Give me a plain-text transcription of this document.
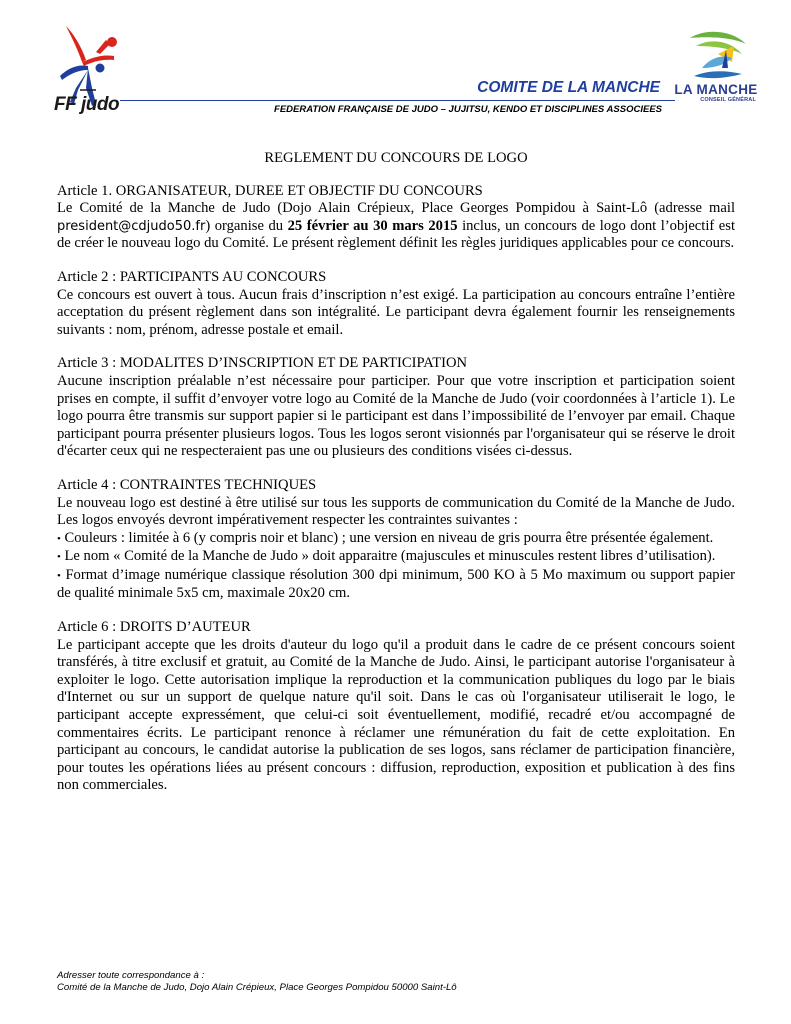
FF judo
COMITE DE LA MANCHE
FEDERATION FRANÇAISE DE JUDO – JUJITSU, KENDO ET DISCIPLINES ASSOCIEES
LA MANCHE
CONSEIL GÉNÉRAL

REGLEMENT DU CONCOURS DE LOGO

Article 1. ORGANISATEUR, DUREE ET OBJECTIF DU CONCOURS

Le Comité de la Manche de Judo (Dojo Alain Crépieux, Place Georges Pompidou à Saint-Lô (adresse mail president@cdjudo50.fr) organise du 25 février au 30 mars 2015 inclus, un concours de logo dont l’objectif est de créer le nouveau logo du Comité. Le présent règlement définit les règles juridiques applicables pour ce concours.

Article 2 : PARTICIPANTS AU CONCOURS

Ce concours est ouvert à tous. Aucun frais d’inscription n’est exigé. La participation au concours entraîne l’entière acceptation du présent règlement dans son intégralité. Le participant devra également fournir les renseignements suivants : nom, prénom, adresse postale et email.

Article 3 : MODALITES D’INSCRIPTION ET DE PARTICIPATION

Aucune inscription préalable n’est nécessaire pour participer. Pour que votre inscription et participation soient prises en compte, il suffit d’envoyer votre logo au Comité de la Manche de Judo (voir coordonnées à l’article 1). Le logo pourra être transmis sur support papier si le participant est dans l’impossibilité de l’envoyer par email. Chaque participant pourra présenter plusieurs logos. Tous les logos seront visionnés par l'organisateur qui se réserve le droit d'écarter ceux qui ne respecteraient pas une ou plusieurs des conditions visées ci-dessus.

Article 4 : CONTRAINTES TECHNIQUES

Le nouveau logo est destiné à être utilisé sur tous les supports de communication du Comité de la Manche de Judo. Les logos envoyés devront impérativement respecter les contraintes suivantes :

• Couleurs : limitée à 6 (y compris noir et blanc) ; une version en niveau de gris pourra être présentée également.

• Le nom « Comité de la Manche de Judo » doit apparaitre (majuscules et minuscules restent libres d’utilisation).

• Format d’image numérique classique résolution 300 dpi minimum, 500 KO à 5 Mo maximum ou support papier de qualité minimale 5x5 cm, maximale 20x20 cm.

Article 6 : DROITS D’AUTEUR

Le participant accepte que les droits d'auteur du logo qu'il a produit dans le cadre de ce présent concours soient transférés, à titre exclusif et gratuit, au Comité de la Manche de Judo. Ainsi, le participant autorise l'organisateur à exploiter le logo. Cette autorisation implique la reproduction et la communication publiques du logo par le biais d'Internet ou sur un support de quelque nature qu'il soit. Dans le cas où l'organisateur utiliserait le logo, le participant accepte expressément, que celui-ci soit éventuellement, modifié, recadré et/ou accompagné de commentaires écrits. Le participant renonce à réclamer une rémunération du fait de cette exploitation. En participant au concours, le candidat autorise la publication de ses logos, sans réclamer de participation financière, pour toutes les opérations liées au présent concours : diffusion, reproduction, exposition et publication à des fins non commerciales.

Adresser toute correspondance à :
Comité de la Manche de Judo, Dojo Alain Crépieux, Place Georges Pompidou 50000 Saint-Lô
